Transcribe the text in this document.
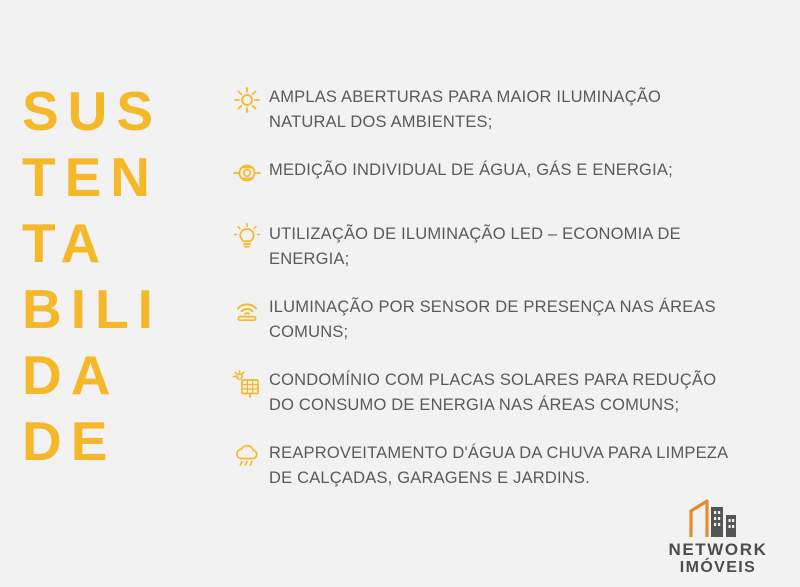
SUS
TEN
TA
BILI
DA
DE
AMPLAS ABERTURAS PARA MAIOR ILUMINAÇÃO NATURAL DOS AMBIENTES;
MEDIÇÃO INDIVIDUAL DE ÁGUA, GÁS E ENERGIA;
UTILIZAÇÃO DE ILUMINAÇÃO LED – ECONOMIA DE ENERGIA;
ILUMINAÇÃO POR SENSOR DE PRESENÇA NAS ÁREAS COMUNS;
CONDOMÍNIO COM PLACAS SOLARES PARA REDUÇÃO DO CONSUMO DE ENERGIA NAS ÁREAS COMUNS;
REAPROVEITAMENTO D'ÁGUA DA CHUVA PARA LIMPEZA DE CALÇADAS, GARAGENS E JARDINS.
NETWORK
IMÓVEIS
